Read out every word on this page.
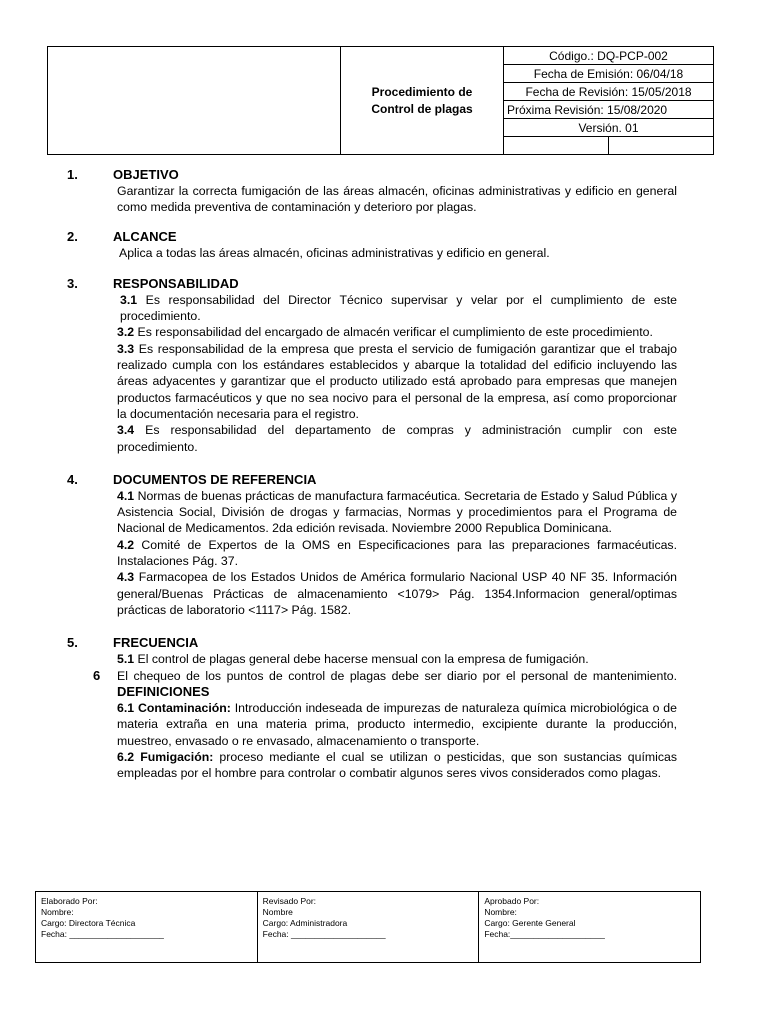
	Procedimiento de
Control de plagas	Código.: DQ-PCP-002	
		Fecha de Emisión: 06/04/18	
		Fecha de Revisión: 15/05/2018	
		Próxima Revisión: 15/08/2020	
		Versión. 01	

1.	OBJETIVO
Garantizar la correcta fumigación de las áreas almacén, oficinas administrativas y edificio en general como medida preventiva de contaminación y deterioro por plagas.
2.	ALCANCE
Aplica a todas las áreas almacén, oficinas administrativas y edificio en general.
3.	RESPONSABILIDAD
3.1 Es responsabilidad del Director Técnico supervisar y velar por el cumplimiento de este procedimiento.
3.2 Es responsabilidad del encargado de almacén verificar el cumplimiento de este procedimiento.
3.3 Es responsabilidad de la empresa que presta el servicio de fumigación garantizar que el trabajo realizado cumpla con los estándares establecidos y abarque la totalidad del edificio incluyendo las áreas adyacentes y garantizar que el producto utilizado está aprobado para empresas que manejen productos farmacéuticos y que no sea nocivo para el personal de la empresa, así como proporcionar la documentación necesaria para el registro.
3.4 Es responsabilidad del departamento de compras y administración cumplir con este procedimiento.
4.	DOCUMENTOS DE REFERENCIA
4.1 Normas de buenas prácticas de manufactura farmacéutica. Secretaria de Estado y Salud Pública y Asistencia Social, División de drogas y farmacias, Normas y procedimientos para el Programa de Nacional de Medicamentos. 2da edición revisada. Noviembre 2000 Republica Dominicana.
4.2 Comité de Expertos de la OMS en Especificaciones para las preparaciones farmacéuticas. Instalaciones Pág. 37.
4.3 Farmacopea de los Estados Unidos de América formulario Nacional USP 40 NF 35. Información general/Buenas Prácticas de almacenamiento <1079> Pág. 1354.Informacion general/optimas prácticas de laboratorio <1117> Pág. 1582.
5.	FRECUENCIA
5.1 El control de plagas general debe hacerse mensual con la empresa de fumigación.
6 El chequeo de los puntos de control de plagas debe ser diario por el personal de mantenimiento. DEFINICIONES
6.1 Contaminación: Introducción indeseada de impurezas de naturaleza química microbiológica o de materia extraña en una materia prima, producto intermedio, excipiente durante la producción, muestreo, envasado o re envasado, almacenamiento o transporte.
6.2 Fumigación: proceso mediante el cual se utilizan o pesticidas, que son sustancias químicas empleadas por el hombre para controlar o combatir algunos seres vivos considerados como plagas.
Elaborado Por:
Nombre:
Cargo: Directora Técnica
Fecha: ____________________

Revisado Por:
Nombre
Cargo: Administradora
Fecha: ____________________

Aprobado Por:
Nombre:
Cargo: Gerente General
Fecha:____________________
